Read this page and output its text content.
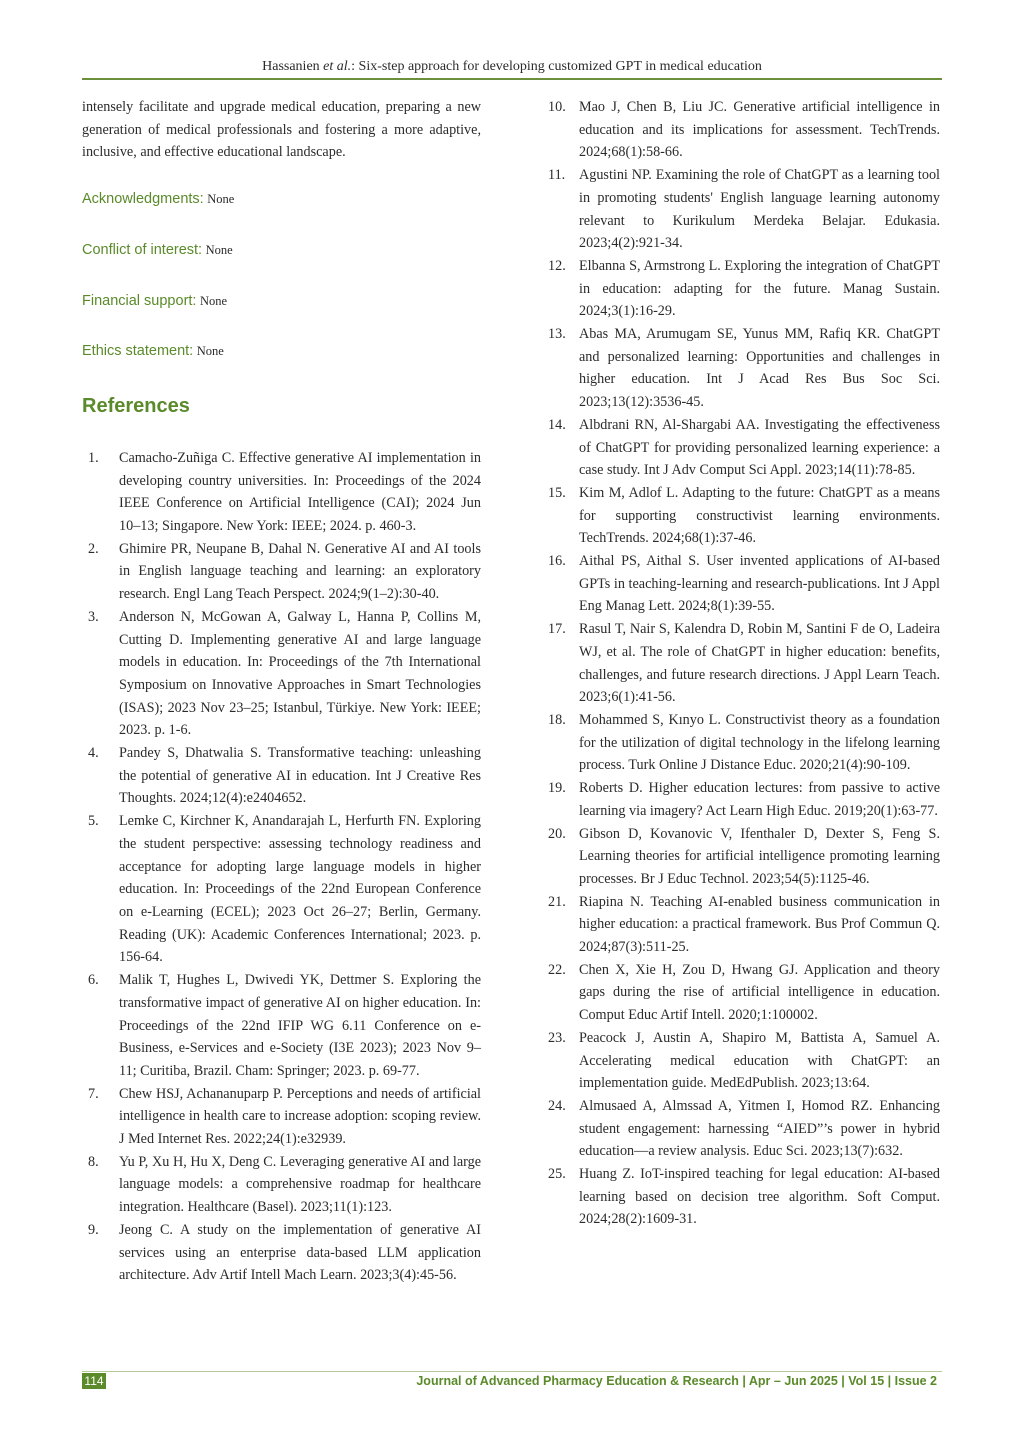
Hassanien et al.: Six-step approach for developing customized GPT in medical education

intensely facilitate and upgrade medical education, preparing a new generation of medical professionals and fostering a more adaptive, inclusive, and effective educational landscape.

Acknowledgments: None

Conflict of interest: None

Financial support: None

Ethics statement: None

References
1. Camacho-Zuñiga C. Effective generative AI implementation in developing country universities. In: Proceedings of the 2024 IEEE Conference on Artificial Intelligence (CAI); 2024 Jun 10–13; Singapore. New York: IEEE; 2024. p. 460-3.
2. Ghimire PR, Neupane B, Dahal N. Generative AI and AI tools in English language teaching and learning: an exploratory research. Engl Lang Teach Perspect. 2024;9(1–2):30-40.
3. Anderson N, McGowan A, Galway L, Hanna P, Collins M, Cutting D. Implementing generative AI and large language models in education. In: Proceedings of the 7th International Symposium on Innovative Approaches in Smart Technologies (ISAS); 2023 Nov 23–25; Istanbul, Türkiye. New York: IEEE; 2023. p. 1-6.
4. Pandey S, Dhatwalia S. Transformative teaching: unleashing the potential of generative AI in education. Int J Creative Res Thoughts. 2024;12(4):e2404652.
5. Lemke C, Kirchner K, Anandarajah L, Herfurth FN. Exploring the student perspective: assessing technology readiness and acceptance for adopting large language models in higher education. In: Proceedings of the 22nd European Conference on e-Learning (ECEL); 2023 Oct 26–27; Berlin, Germany. Reading (UK): Academic Conferences International; 2023. p. 156-64.
6. Malik T, Hughes L, Dwivedi YK, Dettmer S. Exploring the transformative impact of generative AI on higher education. In: Proceedings of the 22nd IFIP WG 6.11 Conference on e-Business, e-Services and e-Society (I3E 2023); 2023 Nov 9–11; Curitiba, Brazil. Cham: Springer; 2023. p. 69-77.
7. Chew HSJ, Achananuparp P. Perceptions and needs of artificial intelligence in health care to increase adoption: scoping review. J Med Internet Res. 2022;24(1):e32939.
8. Yu P, Xu H, Hu X, Deng C. Leveraging generative AI and large language models: a comprehensive roadmap for healthcare integration. Healthcare (Basel). 2023;11(1):123.
9. Jeong C. A study on the implementation of generative AI services using an enterprise data-based LLM application architecture. Adv Artif Intell Mach Learn. 2023;3(4):45-56.
10. Mao J, Chen B, Liu JC. Generative artificial intelligence in education and its implications for assessment. TechTrends. 2024;68(1):58-66.
11. Agustini NP. Examining the role of ChatGPT as a learning tool in promoting students' English language learning autonomy relevant to Kurikulum Merdeka Belajar. Edukasia. 2023;4(2):921-34.
12. Elbanna S, Armstrong L. Exploring the integration of ChatGPT in education: adapting for the future. Manag Sustain. 2024;3(1):16-29.
13. Abas MA, Arumugam SE, Yunus MM, Rafiq KR. ChatGPT and personalized learning: Opportunities and challenges in higher education. Int J Acad Res Bus Soc Sci. 2023;13(12):3536-45.
14. Albdrani RN, Al-Shargabi AA. Investigating the effectiveness of ChatGPT for providing personalized learning experience: a case study. Int J Adv Comput Sci Appl. 2023;14(11):78-85.
15. Kim M, Adlof L. Adapting to the future: ChatGPT as a means for supporting constructivist learning environments. TechTrends. 2024;68(1):37-46.
16. Aithal PS, Aithal S. User invented applications of AI-based GPTs in teaching-learning and research-publications. Int J Appl Eng Manag Lett. 2024;8(1):39-55.
17. Rasul T, Nair S, Kalendra D, Robin M, Santini F de O, Ladeira WJ, et al. The role of ChatGPT in higher education: benefits, challenges, and future research directions. J Appl Learn Teach. 2023;6(1):41-56.
18. Mohammed S, Kınyo L. Constructivist theory as a foundation for the utilization of digital technology in the lifelong learning process. Turk Online J Distance Educ. 2020;21(4):90-109.
19. Roberts D. Higher education lectures: from passive to active learning via imagery? Act Learn High Educ. 2019;20(1):63-77.
20. Gibson D, Kovanovic V, Ifenthaler D, Dexter S, Feng S. Learning theories for artificial intelligence promoting learning processes. Br J Educ Technol. 2023;54(5):1125-46.
21. Riapina N. Teaching AI-enabled business communication in higher education: a practical framework. Bus Prof Commun Q. 2024;87(3):511-25.
22. Chen X, Xie H, Zou D, Hwang GJ. Application and theory gaps during the rise of artificial intelligence in education. Comput Educ Artif Intell. 2020;1:100002.
23. Peacock J, Austin A, Shapiro M, Battista A, Samuel A. Accelerating medical education with ChatGPT: an implementation guide. MedEdPublish. 2023;13:64.
24. Almusaed A, Almssad A, Yitmen I, Homod RZ. Enhancing student engagement: harnessing “AIED”’s power in hybrid education—a review analysis. Educ Sci. 2023;13(7):632.
25. Huang Z. IoT-inspired teaching for legal education: AI-based learning based on decision tree algorithm. Soft Comput. 2024;28(2):1609-31.
114	Journal of Advanced Pharmacy Education & Research | Apr – Jun 2025 | Vol 15 | Issue 2
